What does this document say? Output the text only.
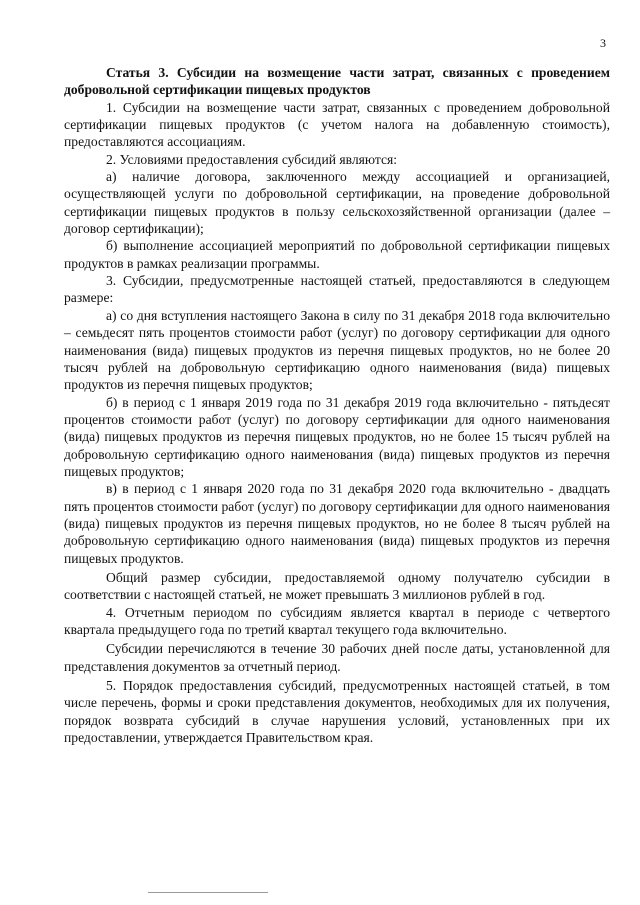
3

Статья 3. Субсидии на возмещение части затрат, связанных с проведением добровольной сертификации пищевых продуктов

1. Субсидии на возмещение части затрат, связанных с проведением добровольной сертификации пищевых продуктов (с учетом налога на добавленную стоимость), предоставляются ассоциациям.

2. Условиями предоставления субсидий являются:

а) наличие договора, заключенного между ассоциацией и организацией, осуществляющей услуги по добровольной сертификации, на проведение добровольной сертификации пищевых продуктов в пользу сельскохозяйственной организации (далее – договор сертификации);

б) выполнение ассоциацией мероприятий по добровольной сертификации пищевых продуктов в рамках реализации программы.

3. Субсидии, предусмотренные настоящей статьей, предоставляются в следующем размере:

а) со дня вступления настоящего Закона в силу по 31 декабря 2018 года включительно – семьдесят пять процентов стоимости работ (услуг) по договору сертификации для одного наименования (вида) пищевых продуктов из перечня пищевых продуктов, но не более 20 тысяч рублей на добровольную сертификацию одного наименования (вида) пищевых продуктов из перечня пищевых продуктов;

б) в период с 1 января 2019 года по 31 декабря 2019 года включительно - пятьдесят процентов стоимости работ (услуг) по договору сертификации для одного наименования (вида) пищевых продуктов из перечня пищевых продуктов, но не более 15 тысяч рублей на добровольную сертификацию одного наименования (вида) пищевых продуктов из перечня пищевых продуктов;

в) в период с 1 января 2020 года по 31 декабря 2020 года включительно - двадцать пять процентов стоимости работ (услуг) по договору сертификации для одного наименования (вида) пищевых продуктов из перечня пищевых продуктов, но не более 8 тысяч рублей на добровольную сертификацию одного наименования (вида) пищевых продуктов из перечня пищевых продуктов.

Общий размер субсидии, предоставляемой одному получателю субсидии в соответствии с настоящей статьей, не может превышать 3 миллионов рублей в год.

4. Отчетным периодом по субсидиям является квартал в периоде с четвертого квартала предыдущего года по третий квартал текущего года включительно.

Субсидии перечисляются в течение 30 рабочих дней после даты, установленной для представления документов за отчетный период.

5. Порядок предоставления субсидий, предусмотренных настоящей статьей, в том числе перечень, формы и сроки представления документов, необходимых для их получения, порядок возврата субсидий в случае нарушения условий, установленных при их предоставлении, утверждается Правительством края.
